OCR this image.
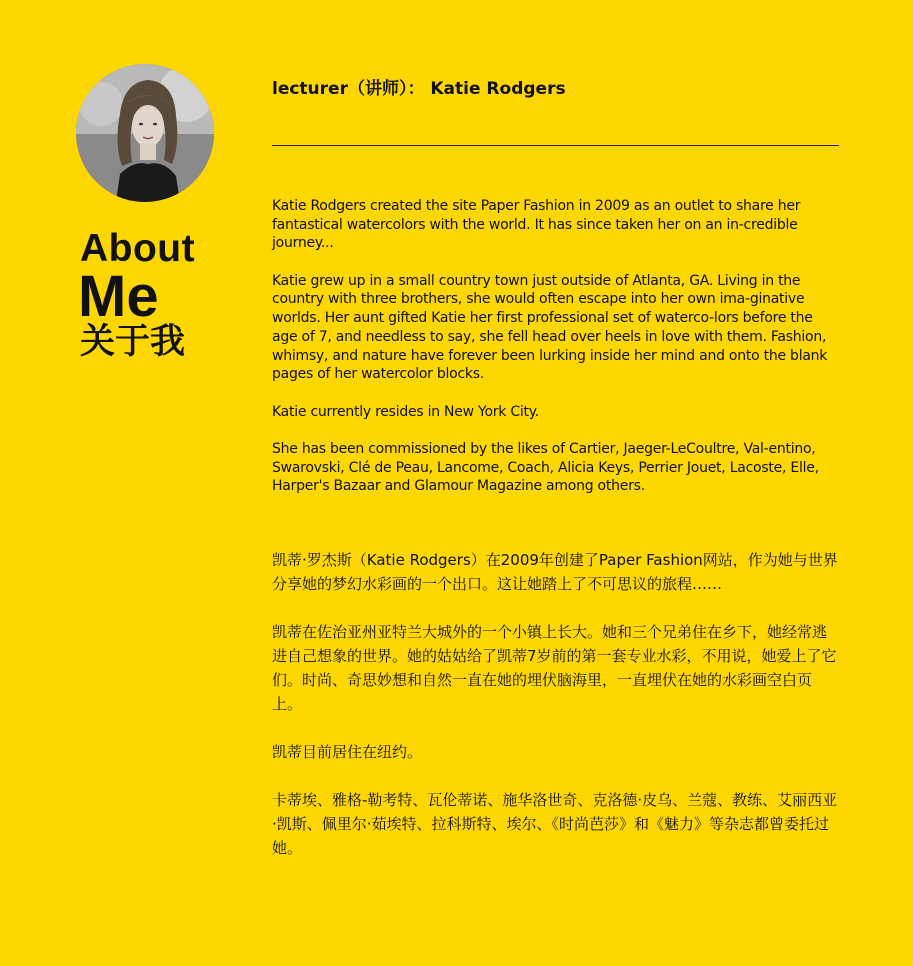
About
Me
关于我
lecturer（讲师）： Katie Rodgers

Katie Rodgers created the site Paper Fashion in 2009 as an outlet to share her fantastical watercolors with the world. It has since taken her on an in-credible journey...

Katie grew up in a small country town just outside of Atlanta, GA. Living in the country with three brothers, she would often escape into her own ima-ginative worlds. Her aunt gifted Katie her first professional set of waterco-lors before the age of 7, and needless to say, she fell head over heels in love with them. Fashion, whimsy, and nature have forever been lurking inside her mind and onto the blank pages of her watercolor blocks.

Katie currently resides in New York City.

She has been commissioned by the likes of Cartier, Jaeger-LeCoultre, Val-entino, Swarovski, Clé de Peau, Lancome, Coach, Alicia Keys, Perrier Jouet, Lacoste, Elle, Harper's Bazaar and Glamour Magazine among others.

凯蒂·罗杰斯（Katie Rodgers）在2009年创建了Paper Fashion网站，作为她与世界分享她的梦幻水彩画的一个出口。这让她踏上了不可思议的旅程……

凯蒂在佐治亚州亚特兰大城外的一个小镇上长大。她和三个兄弟住在乡下，她经常逃进自己想象的世界。她的姑姑给了凯蒂7岁前的第一套专业水彩，不用说，她爱上了它们。时尚、奇思妙想和自然一直在她的埋伏脑海里，一直埋伏在她的水彩画空白页上。

凯蒂目前居住在纽约。

卡蒂埃、雅格-勒考特、瓦伦蒂诺、施华洛世奇、克洛德·皮乌、兰蔻、教练、艾丽西亚·凯斯、佩里尔·茹埃特、拉科斯特、埃尔、《时尚芭莎》和《魅力》等杂志都曾委托过她。
